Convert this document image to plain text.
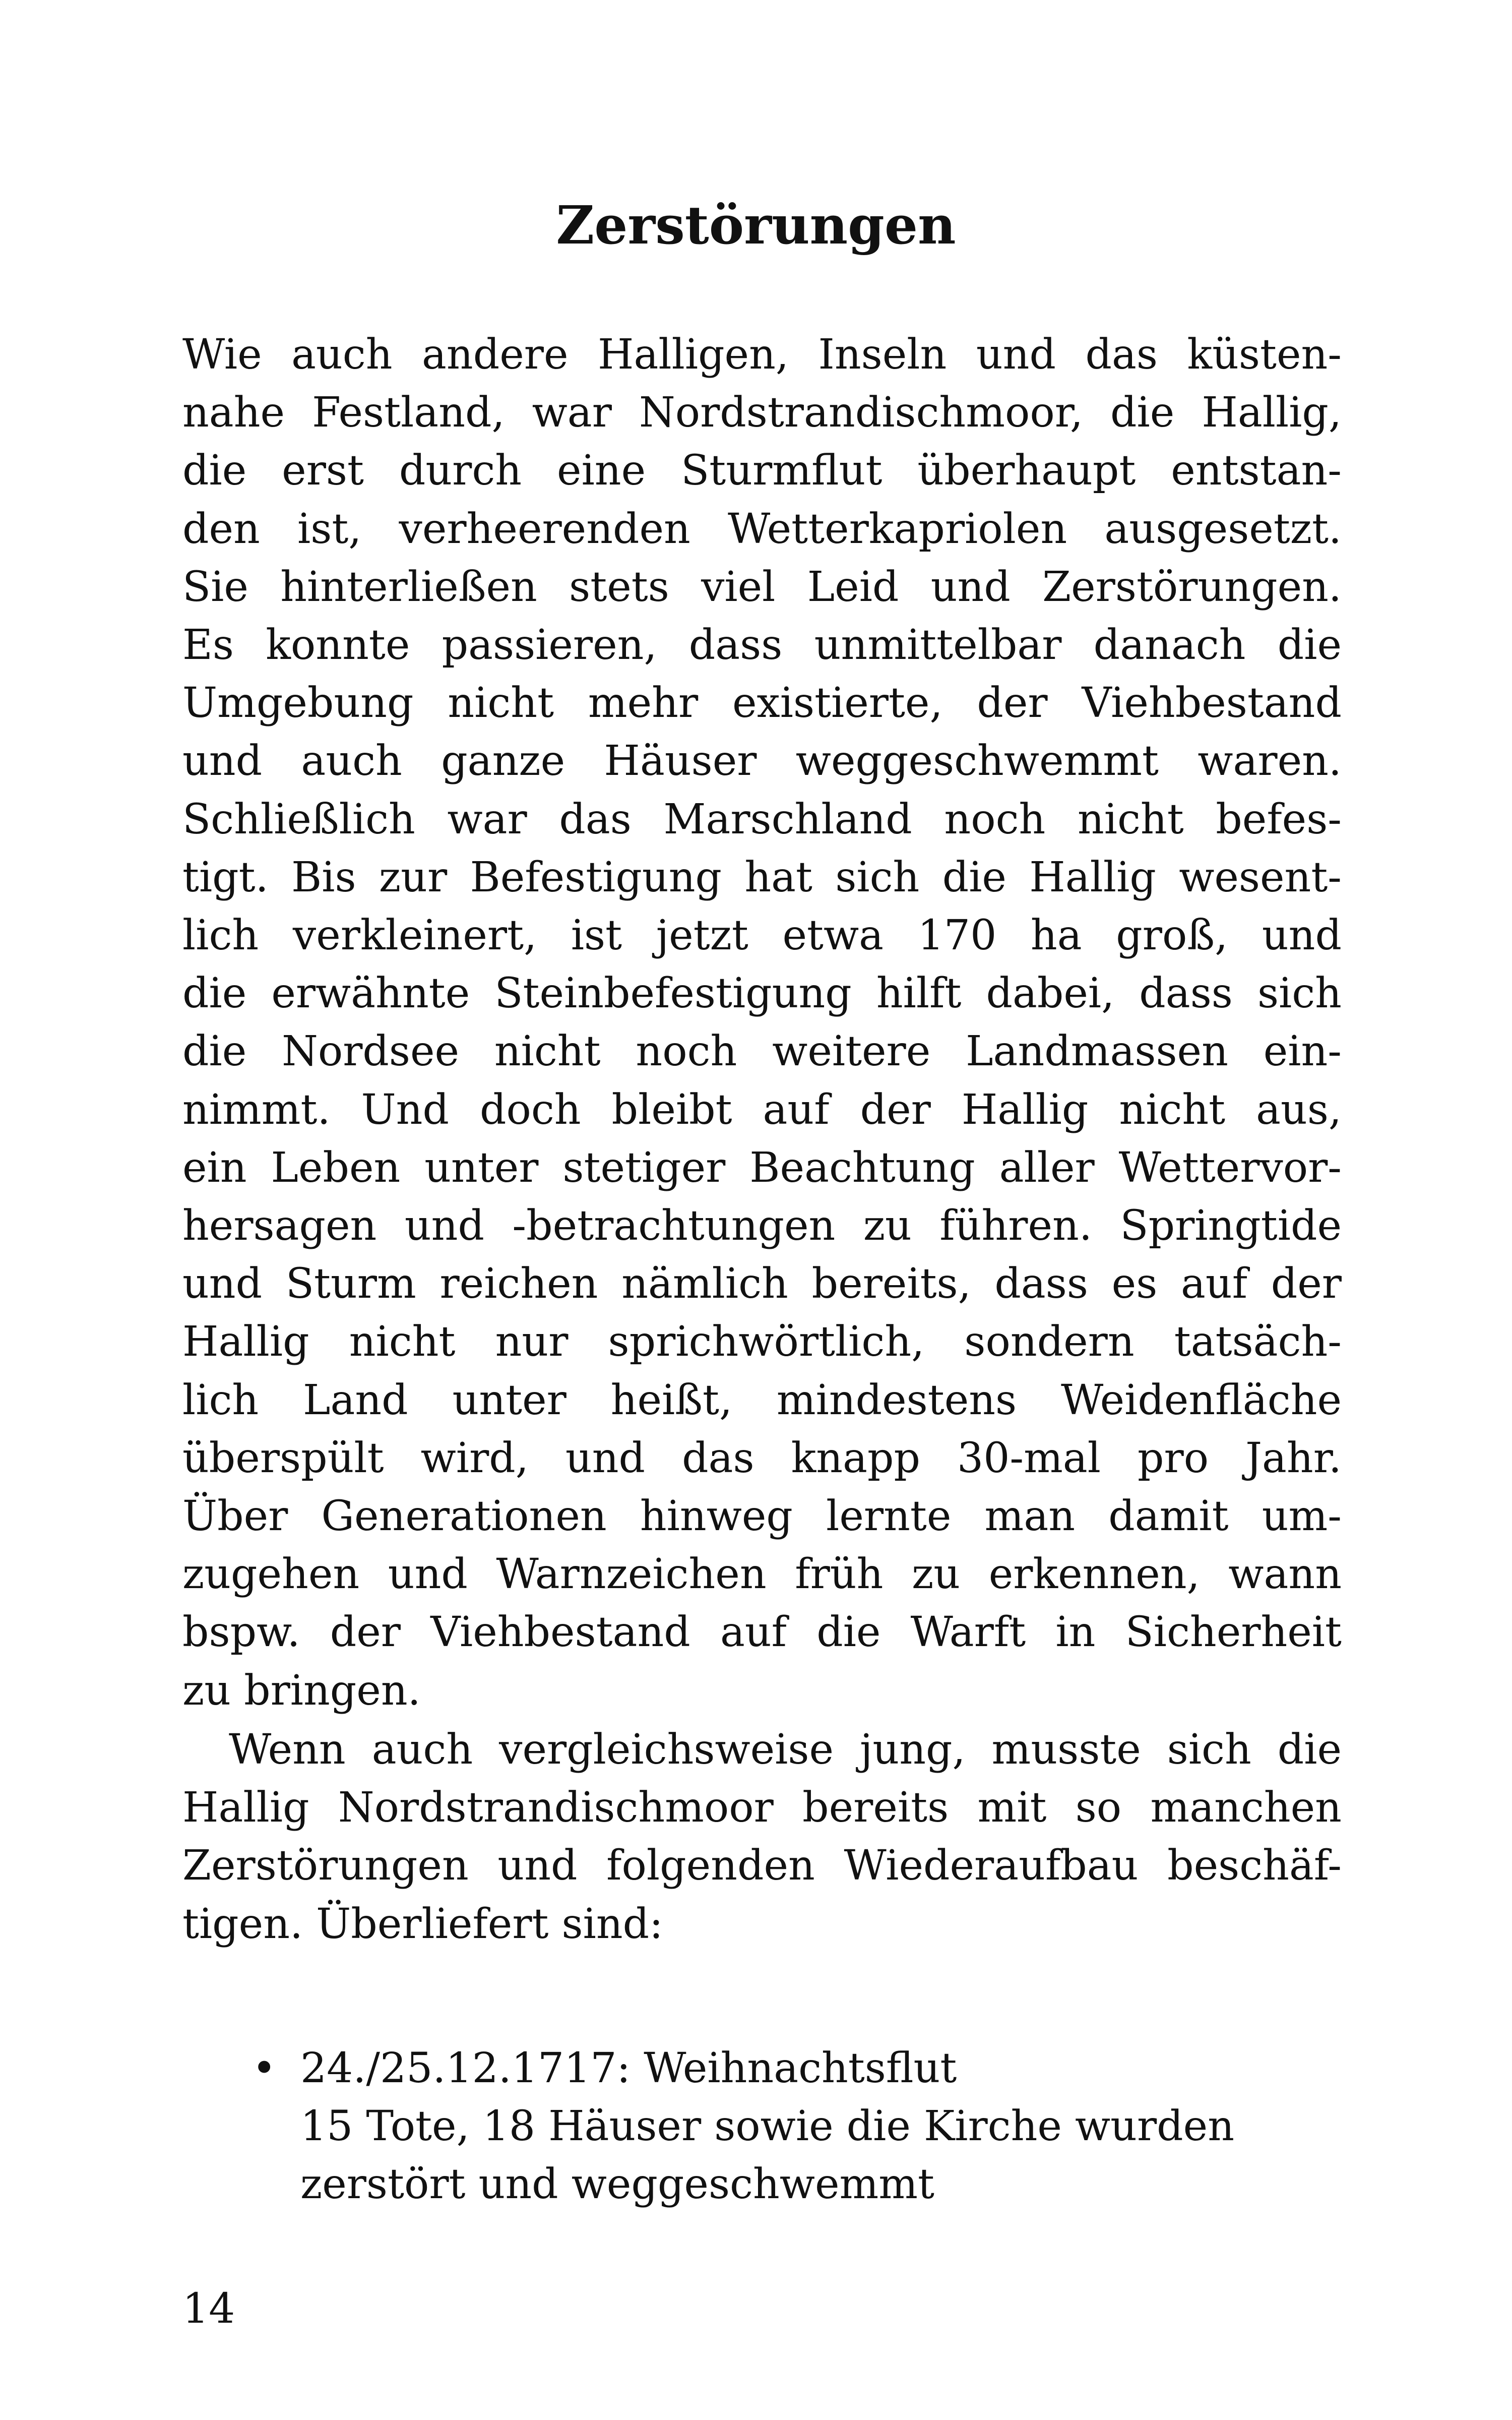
Zerstörungen

Wie auch andere Halligen, Inseln und das küsten-
nahe Festland, war Nordstrandischmoor, die Hallig,
die erst durch eine Sturmflut überhaupt entstan-
den ist, verheerenden Wetterkapriolen ausgesetzt.
Sie hinterließen stets viel Leid und Zerstörungen.
Es konnte passieren, dass unmittelbar danach die
Umgebung nicht mehr existierte, der Viehbestand
und auch ganze Häuser weggeschwemmt waren.
Schließlich war das Marschland noch nicht befes-
tigt. Bis zur Befestigung hat sich die Hallig wesent-
lich verkleinert, ist jetzt etwa 170 ha groß, und
die erwähnte Steinbefestigung hilft dabei, dass sich
die Nordsee nicht noch weitere Landmassen ein-
nimmt. Und doch bleibt auf der Hallig nicht aus,
ein Leben unter stetiger Beachtung aller Wettervor-
hersagen und -betrachtungen zu führen. Springtide
und Sturm reichen nämlich bereits, dass es auf der
Hallig nicht nur sprichwörtlich, sondern tatsäch-
lich Land unter heißt, mindestens Weidenfläche
überspült wird, und das knapp 30-mal pro Jahr.
Über Generationen hinweg lernte man damit um-
zugehen und Warnzeichen früh zu erkennen, wann
bspw. der Viehbestand auf die Warft in Sicherheit
zu bringen.

Wenn auch vergleichsweise jung, musste sich die
Hallig Nordstrandischmoor bereits mit so manchen
Zerstörungen und folgenden Wiederaufbau beschäf-
tigen. Überliefert sind:

• 24./25.12.1717: Weihnachtsflut
15 Tote, 18 Häuser sowie die Kirche wurden
zerstört und weggeschwemmt
14
